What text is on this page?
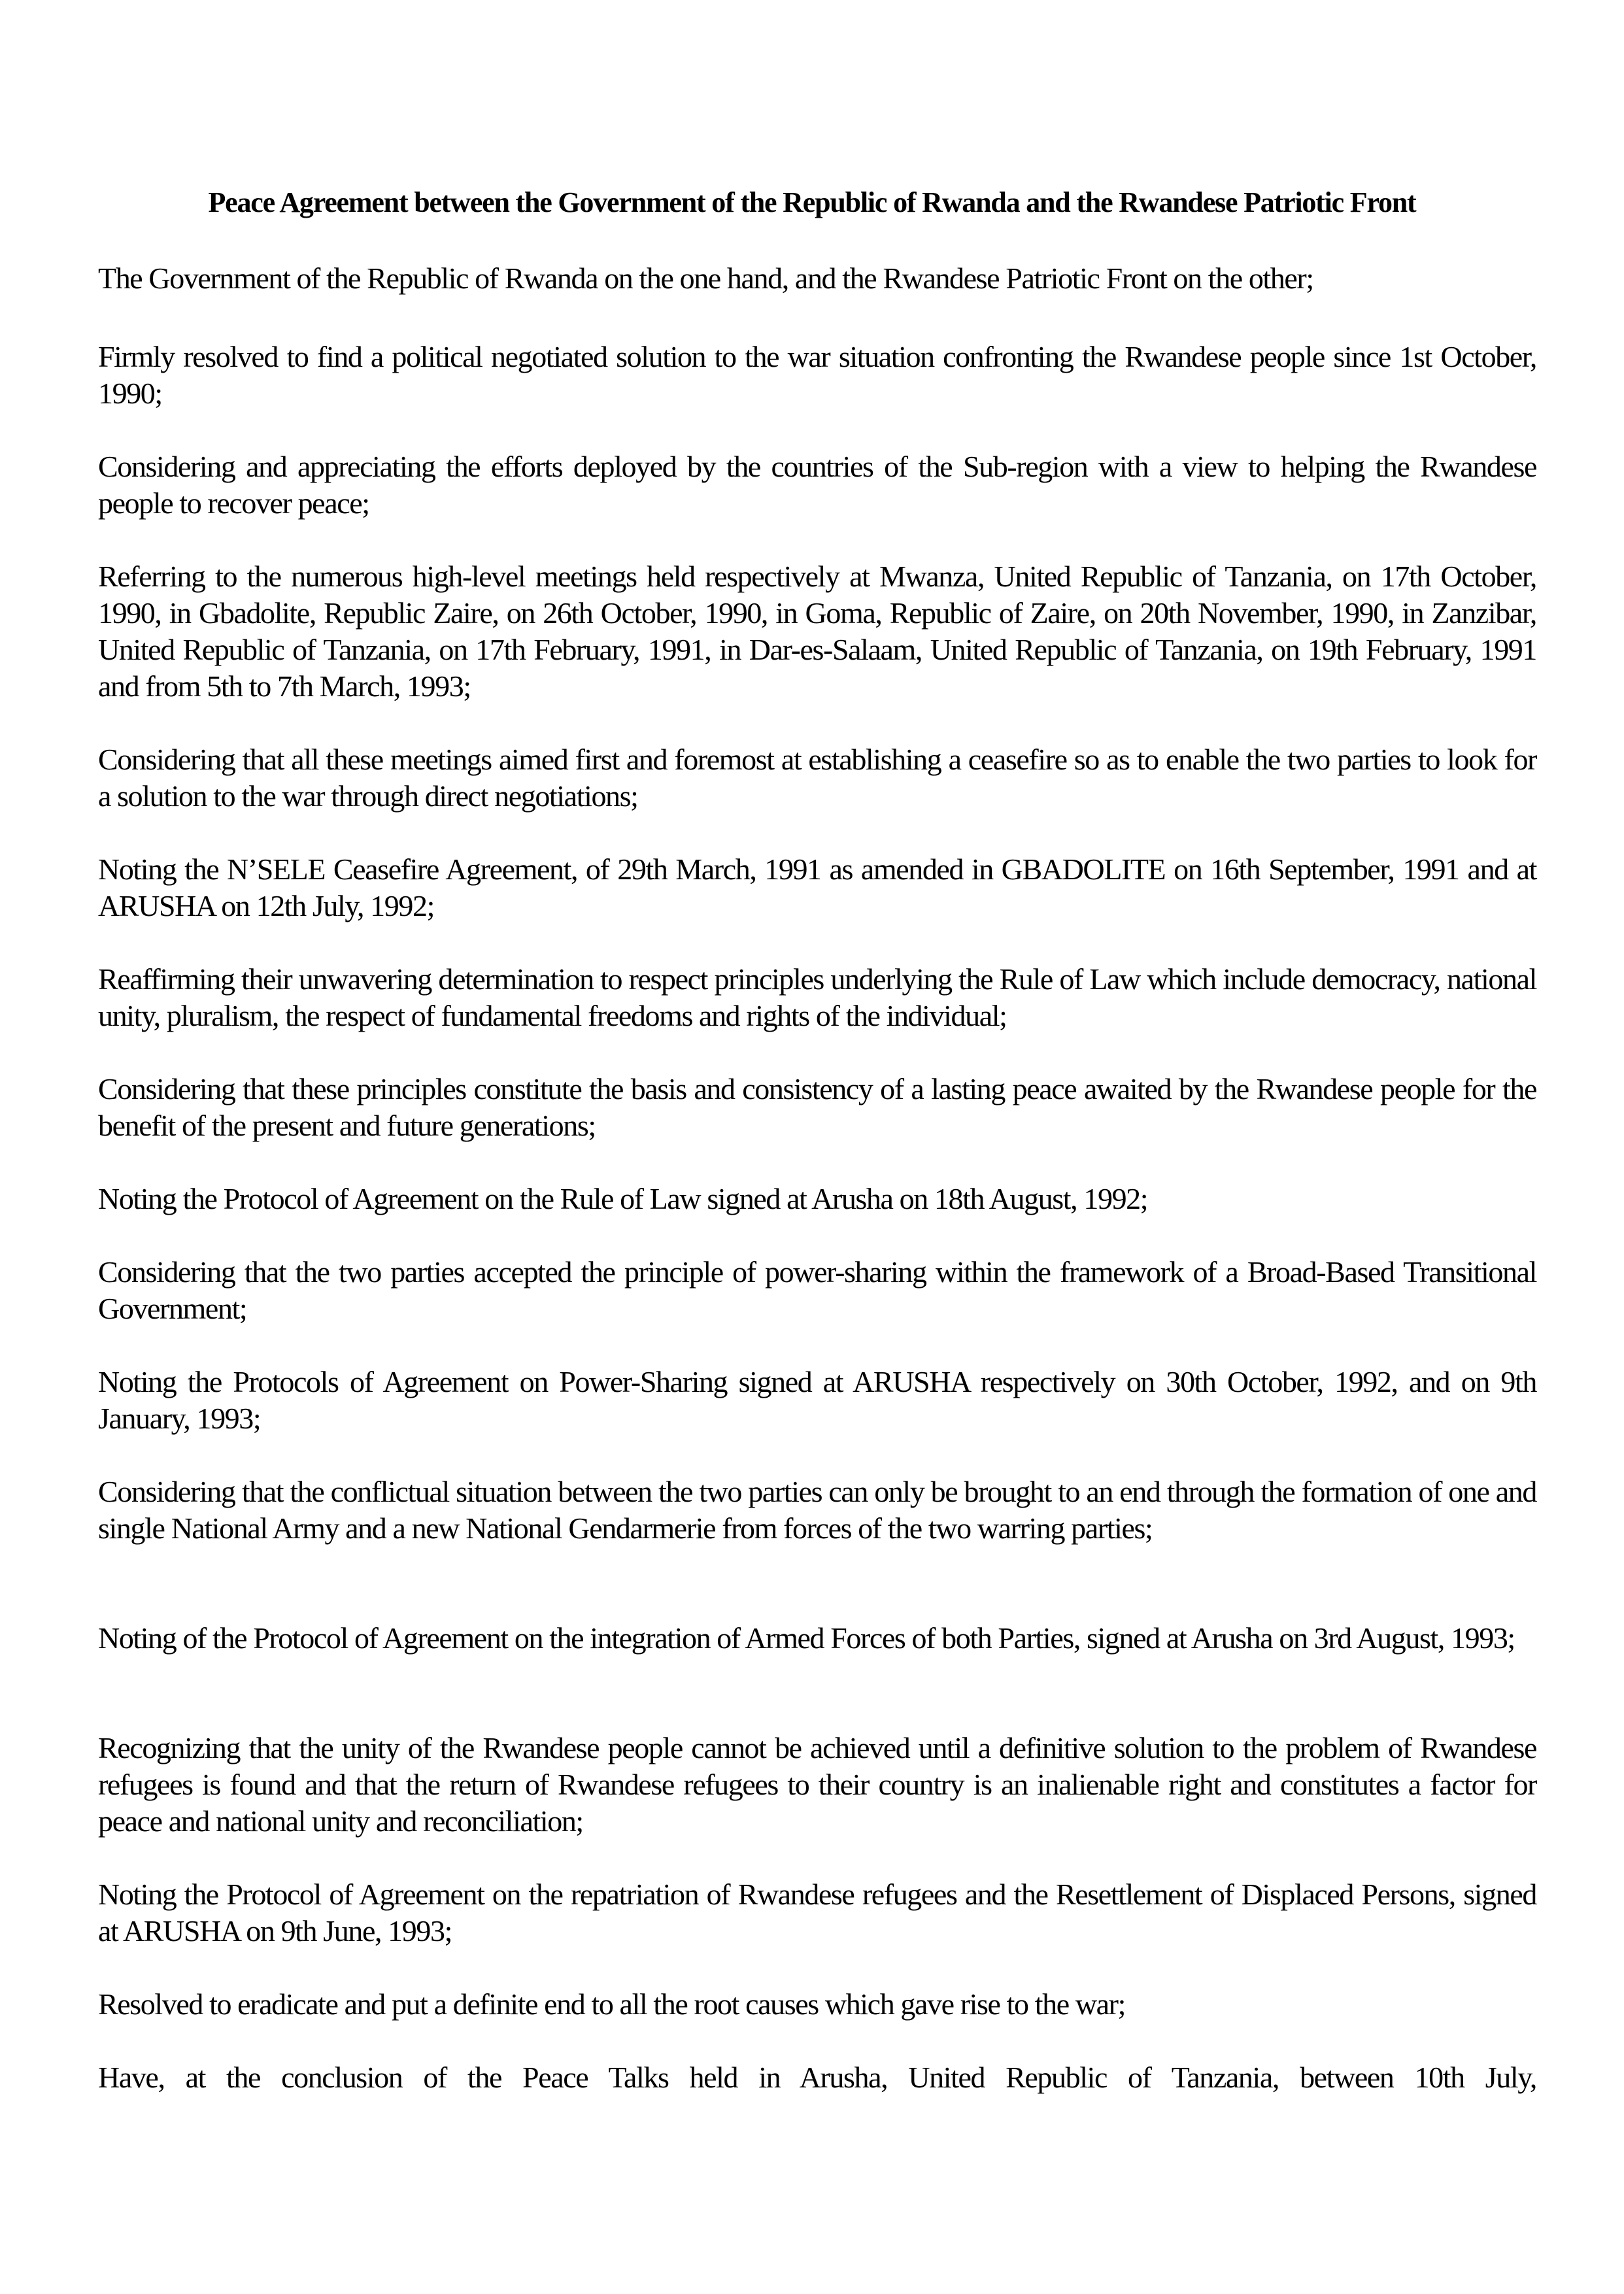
Peace Agreement between the Government of the Republic of Rwanda and the Rwandese Patriotic Front

The Government of the Republic of Rwanda on the one hand, and the Rwandese Patriotic Front on the other;

Firmly resolved to find a political negotiated solution to the war situation confronting the Rwandese people since 1st October, 1990;

Considering and appreciating the efforts deployed by the countries of the Sub-region with a view to helping the Rwandese people to recover peace;

Referring to the numerous high-level meetings held respectively at Mwanza, United Republic of Tanzania, on 17th October, 1990, in Gbadolite, Republic Zaire, on 26th October, 1990, in Goma, Republic of Zaire, on 20th November, 1990, in Zanzibar, United Republic of Tanzania, on 17th February, 1991, in Dar-es-Salaam, United Republic of Tanzania, on 19th February, 1991 and from 5th to 7th March, 1993;

Considering that all these meetings aimed first and foremost at establishing a ceasefire so as to enable the two parties to look for a solution to the war through direct negotiations;

Noting the N’SELE Ceasefire Agreement, of 29th March, 1991 as amended in GBADOLITE on 16th September, 1991 and at ARUSHA on 12th July, 1992;

Reaffirming their unwavering determination to respect principles underlying the Rule of Law which include democracy, national unity, pluralism, the respect of fundamental freedoms and rights of the individual;

Considering that these principles constitute the basis and consistency of a lasting peace awaited by the Rwandese people for the benefit of the present and future generations;

Noting the Protocol of Agreement on the Rule of Law signed at Arusha on 18th August, 1992;

Considering that the two parties accepted the principle of power-sharing within the framework of a Broad-Based Transitional Government;

Noting the Protocols of Agreement on Power-Sharing signed at ARUSHA respectively on 30th October, 1992, and on 9th January, 1993;

Considering that the conflictual situation between the two parties can only be brought to an end through the formation of one and single National Army and a new National Gendarmerie from forces of the two warring parties;

Noting of the Protocol of Agreement on the integration of Armed Forces of both Parties, signed at Arusha on 3rd August, 1993;

Recognizing that the unity of the Rwandese people cannot be achieved until a definitive solution to the problem of Rwandese refugees is found and that the return of Rwandese refugees to their country is an inalienable right and constitutes a factor for peace and national unity and reconciliation;

Noting the Protocol of Agreement on the repatriation of Rwandese refugees and the Resettlement of Displaced Persons, signed at ARUSHA on 9th June, 1993;

Resolved to eradicate and put a definite end to all the root causes which gave rise to the war;

Have, at the conclusion of the Peace Talks held in Arusha, United Republic of Tanzania, between 10th July,
